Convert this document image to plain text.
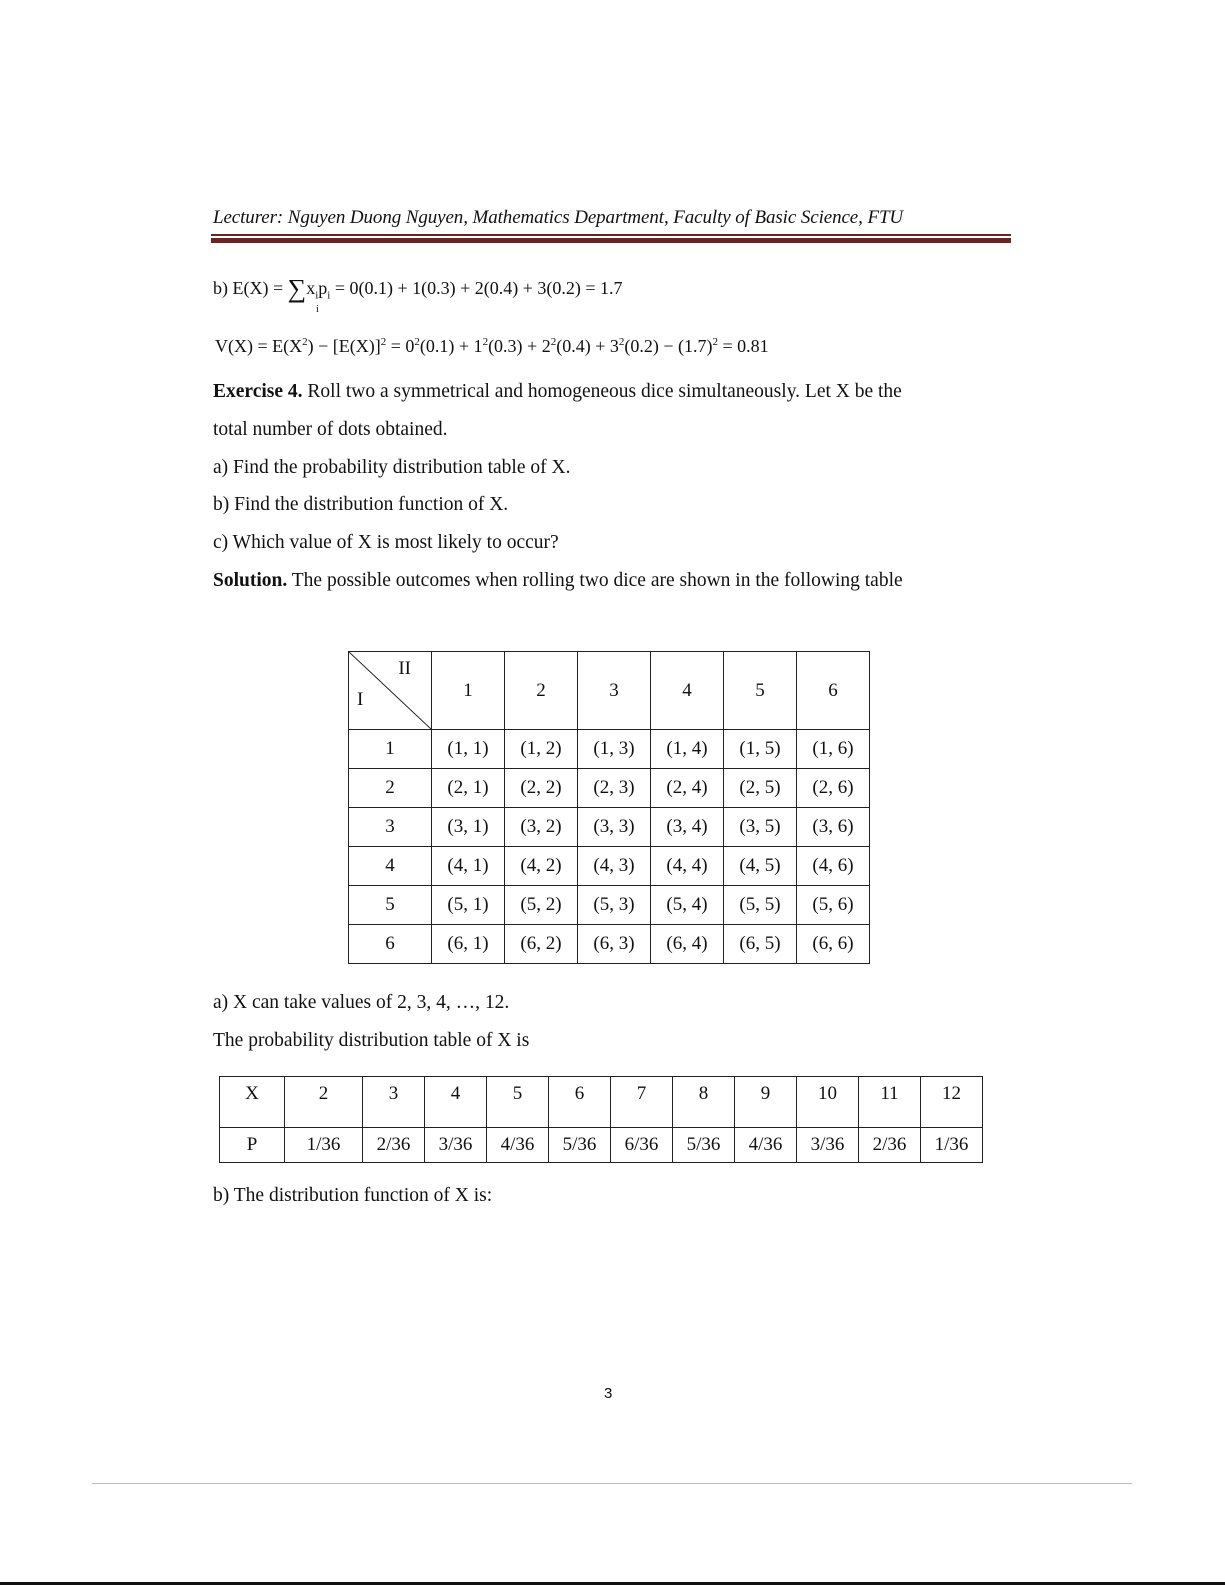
Lecturer: Nguyen Duong Nguyen, Mathematics Department, Faculty of Basic Science, FTU
b) $E(X) = \sum x_ip_i = 0(0.1) + 1(0.3) + 2(0.4) + 3(0.2) = 1.7$
i
$V(X) = E(X^2) - [E(X)]^2 = 0^2(0.1) + 1^2(0.3) + 2^2(0.4) + 3^2(0.2) - (1.7)^2 = 0.81$
Exercise 4. Roll two a symmetrical and homogeneous dice simultaneously. Let X be the
total number of dots obtained.
a) Find the probability distribution table of X.
b) Find the distribution function of X.
c) Which value of X is most likely to occur?
Solution. The possible outcomes when rolling two dice are shown in the following table
II
I	1	2	3	4	5	6
1	(1, 1)	(1, 2)	(1, 3)	(1, 4)	(1, 5)	(1, 6)
2	(2, 1)	(2, 2)	(2, 3)	(2, 4)	(2, 5)	(2, 6)
3	(3, 1)	(3, 2)	(3, 3)	(3, 4)	(3, 5)	(3, 6)
4	(4, 1)	(4, 2)	(4, 3)	(4, 4)	(4, 5)	(4, 6)
5	(5, 1)	(5, 2)	(5, 3)	(5, 4)	(5, 5)	(5, 6)
6	(6, 1)	(6, 2)	(6, 3)	(6, 4)	(6, 5)	(6, 6)
a) X can take values of 2, 3, 4, …, 12.
The probability distribution table of X is
X	2	3	4	5	6	7	8	9	10	11	12
P	1/36	2/36	3/36	4/36	5/36	6/36	5/36	4/36	3/36	2/36	1/36
b) The distribution function of X is:
3
